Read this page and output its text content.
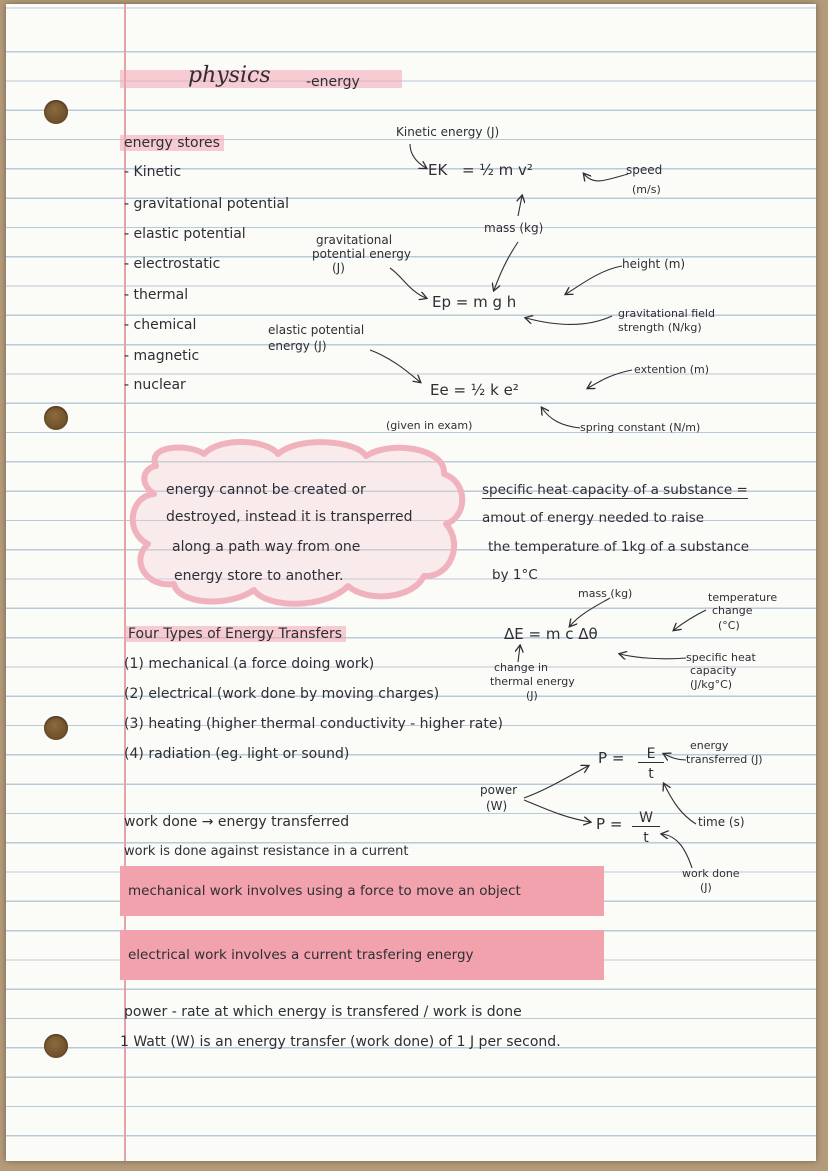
physics	-energy
energy stores
- Kinetic
- gravitational potential
- elastic potential
- electrostatic
- thermal
- chemical
- magnetic
- nuclear
Kinetic energy (J)
EK = ½ m v²	speed
(m/s)
mass (kg)
gravitational
potential energy
(J)
Ep = m g h
height (m)
gravitational field
strength (N/kg)
elastic potential
energy (J)
Ee = ½ k e²
extention (m)
spring constant (N/m)
(given in exam)
energy cannot be created or
destroyed, instead it is transperred
along a path way from one
energy store to another.
specific heat capacity of a substance =
amout of energy needed to raise
the temperature of 1kg of a substance
by 1°C
mass (kg)
ΔE = m c Δθ
temperature
change
(°C)
specific heat
capacity
(J/kg°C)
change in
thermal energy
(J)
Four Types of Energy Transfers
(1) mechanical (a force doing work)
(2) electrical (work done by moving charges)
(3) heating (higher thermal conductivity - higher rate)
(4) radiation (eg. light or sound)
power
(W)
P =	E
t
P =	W
t
energy
transferred (J)
time (s)
work done
(J)
work done → energy transferred
work is done against resistance in a current
mechanical work involves using a force to move an object
electrical work involves a current trasfering energy
power - rate at which energy is transfered / work is done
1 Watt (W) is an energy transfer (work done) of 1 J per second.
